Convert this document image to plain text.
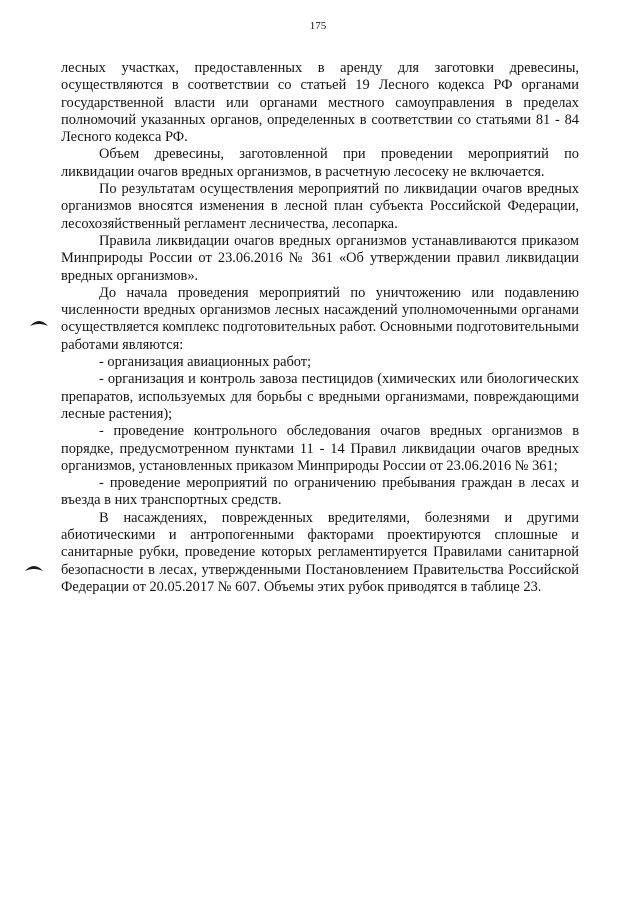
175

лесных участках, предоставленных в аренду для заготовки древесины, осуществляются в соответствии со статьей 19 Лесного кодекса РФ органами государственной власти или органами местного самоуправления в пределах полномочий указанных органов, определенных в соответствии со статьями 81 - 84 Лесного кодекса РФ.

Объем древесины, заготовленной при проведении мероприятий по ликвидации очагов вредных организмов, в расчетную лесосеку не включается.

По результатам осуществления мероприятий по ликвидации очагов вредных организмов вносятся изменения в лесной план субъекта Российской Федерации, лесохозяйственный регламент лесничества, лесопарка.

Правила ликвидации очагов вредных организмов устанавливаются приказом Минприроды России от 23.06.2016 № 361 «Об утверждении правил ликвидации вредных организмов».

До начала проведения мероприятий по уничтожению или подавлению численности вредных организмов лесных насаждений уполномоченными органами осуществляется комплекс подготовительных работ. Основными подготовительными работами являются:

- организация авиационных работ;

- организация и контроль завоза пестицидов (химических или биологических препаратов, используемых для борьбы с вредными организмами, повреждающими лесные растения);

- проведение контрольного обследования очагов вредных организмов в порядке, предусмотренном пунктами 11 - 14 Правил ликвидации очагов вредных организмов, установленных приказом Минприроды России от 23.06.2016 № 361;

- проведение мероприятий по ограничению пребывания граждан в лесах и въезда в них транспортных средств.

В насаждениях, поврежденных вредителями, болезнями и другими абиотическими и антропогенными факторами проектируются сплошные и санитарные рубки, проведение которых регламентируется Правилами санитарной безопасности в лесах, утвержденными Постановлением Правительства Российской Федерации от 20.05.2017 № 607. Объемы этих рубок приводятся в таблице 23.
